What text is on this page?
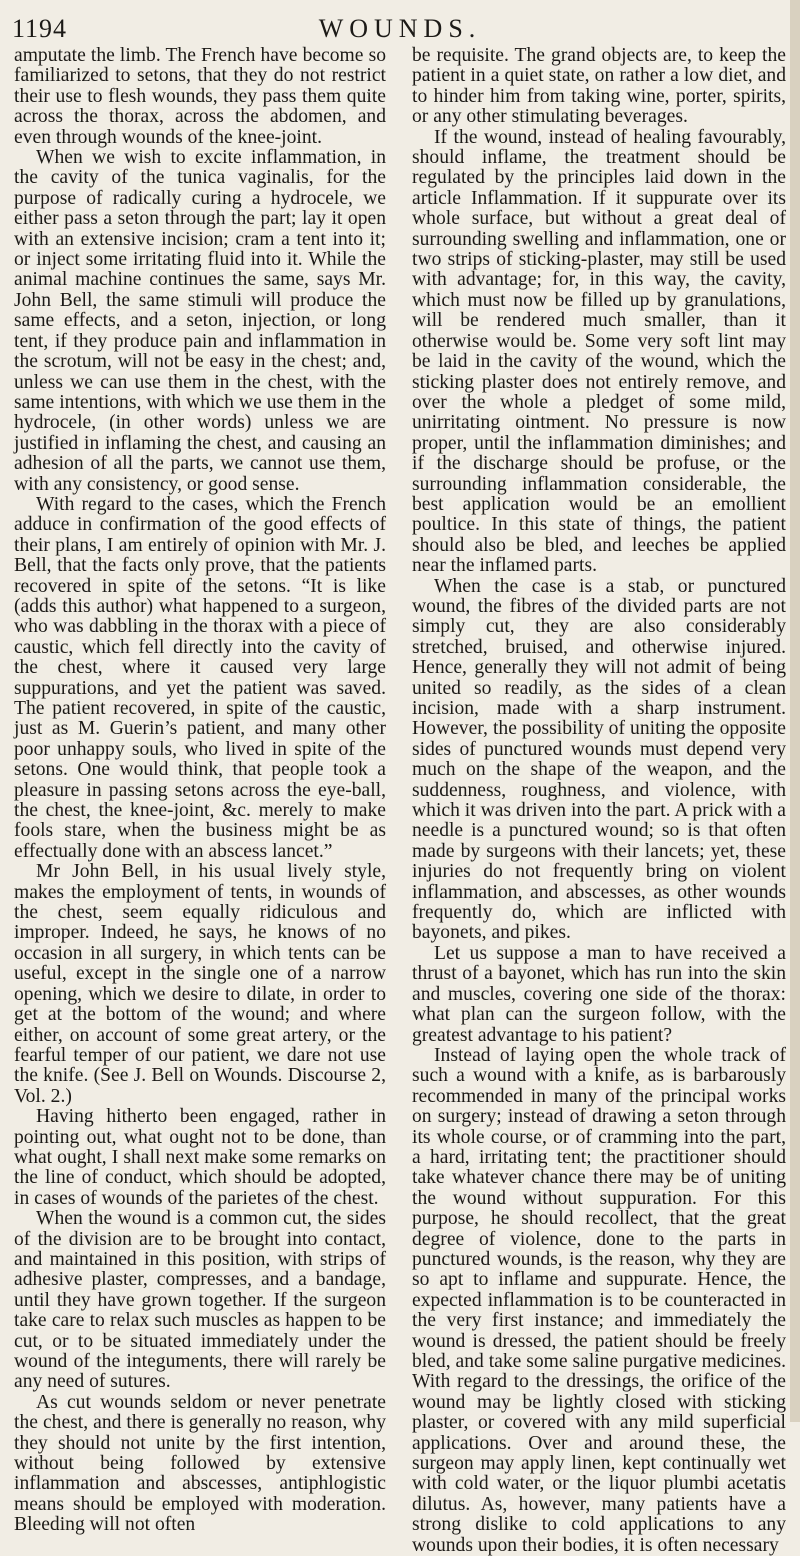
1194	WOUNDS.

amputate the limb. The French have become so familiarized to setons, that they do not restrict their use to flesh wounds, they pass them quite across the thorax, across the abdomen, and even through wounds of the knee-joint.

When we wish to excite inflammation, in the cavity of the tunica vaginalis, for the purpose of radically curing a hydrocele, we either pass a seton through the part; lay it open with an extensive incision; cram a tent into it; or inject some irritating fluid into it. While the animal machine continues the same, says Mr. John Bell, the same stimuli will produce the same effects, and a seton, injection, or long tent, if they produce pain and inflammation in the scrotum, will not be easy in the chest; and, unless we can use them in the chest, with the same intentions, with which we use them in the hydrocele, (in other words) unless we are justified in inflaming the chest, and causing an adhesion of all the parts, we cannot use them, with any consistency, or good sense.

With regard to the cases, which the French adduce in confirmation of the good effects of their plans, I am entirely of opinion with Mr. J. Bell, that the facts only prove, that the patients recovered in spite of the setons. “It is like (adds this author) what happened to a surgeon, who was dabbling in the thorax with a piece of caustic, which fell directly into the cavity of the chest, where it caused very large suppurations, and yet the patient was saved. The patient recovered, in spite of the caustic, just as M. Guerin’s patient, and many other poor unhappy souls, who lived in spite of the setons. One would think, that people took a pleasure in passing setons across the eye-ball, the chest, the knee-joint, &c. merely to make fools stare, when the business might be as effectually done with an abscess lancet.”

Mr John Bell, in his usual lively style, makes the employment of tents, in wounds of the chest, seem equally ridiculous and improper. Indeed, he says, he knows of no occasion in all surgery, in which tents can be useful, except in the single one of a narrow opening, which we desire to dilate, in order to get at the bottom of the wound; and where either, on account of some great artery, or the fearful temper of our patient, we dare not use the knife. (See J. Bell on Wounds. Discourse 2, Vol. 2.)

Having hitherto been engaged, rather in pointing out, what ought not to be done, than what ought, I shall next make some remarks on the line of conduct, which should be adopted, in cases of wounds of the parietes of the chest.

When the wound is a common cut, the sides of the division are to be brought into contact, and maintained in this position, with strips of adhesive plaster, compresses, and a bandage, until they have grown together. If the surgeon take care to relax such muscles as happen to be cut, or to be situated immediately under the wound of the integuments, there will rarely be any need of sutures.

As cut wounds seldom or never penetrate the chest, and there is generally no reason, why they should not unite by the first intention, without being followed by extensive inflammation and abscesses, antiphlogistic means should be employed with moderation. Bleeding will not often

be requisite. The grand objects are, to keep the patient in a quiet state, on rather a low diet, and to hinder him from taking wine, porter, spirits, or any other stimulating beverages.

If the wound, instead of healing favourably, should inflame, the treatment should be regulated by the principles laid down in the article Inflammation. If it suppurate over its whole surface, but without a great deal of surrounding swelling and inflammation, one or two strips of sticking-plaster, may still be used with advantage; for, in this way, the cavity, which must now be filled up by granulations, will be rendered much smaller, than it otherwise would be. Some very soft lint may be laid in the cavity of the wound, which the sticking plaster does not entirely remove, and over the whole a pledget of some mild, unirritating ointment. No pressure is now proper, until the inflammation diminishes; and if the discharge should be profuse, or the surrounding inflammation considerable, the best application would be an emollient poultice. In this state of things, the patient should also be bled, and leeches be applied near the inflamed parts.

When the case is a stab, or punctured wound, the fibres of the divided parts are not simply cut, they are also considerably stretched, bruised, and otherwise injured. Hence, generally they will not admit of being united so readily, as the sides of a clean incision, made with a sharp instrument. However, the possibility of uniting the opposite sides of punctured wounds must depend very much on the shape of the weapon, and the suddenness, roughness, and violence, with which it was driven into the part. A prick with a needle is a punctured wound; so is that often made by surgeons with their lancets; yet, these injuries do not frequently bring on violent inflammation, and abscesses, as other wounds frequently do, which are inflicted with bayonets, and pikes.

Let us suppose a man to have received a thrust of a bayonet, which has run into the skin and muscles, covering one side of the thorax: what plan can the surgeon follow, with the greatest advantage to his patient?

Instead of laying open the whole track of such a wound with a knife, as is barbarously recommended in many of the principal works on surgery; instead of drawing a seton through its whole course, or of cramming into the part, a hard, irritating tent; the practitioner should take whatever chance there may be of uniting the wound without suppuration. For this purpose, he should recollect, that the great degree of violence, done to the parts in punctured wounds, is the reason, why they are so apt to inflame and suppurate. Hence, the expected inflammation is to be counteracted in the very first instance; and immediately the wound is dressed, the patient should be freely bled, and take some saline purgative medicines. With regard to the dressings, the orifice of the wound may be lightly closed with sticking plaster, or covered with any mild superficial applications. Over and around these, the surgeon may apply linen, kept continually wet with cold water, or the liquor plumbi acetatis dilutus. As, however, many patients have a strong dislike to cold applications to any wounds upon their bodies, it is often necessary
